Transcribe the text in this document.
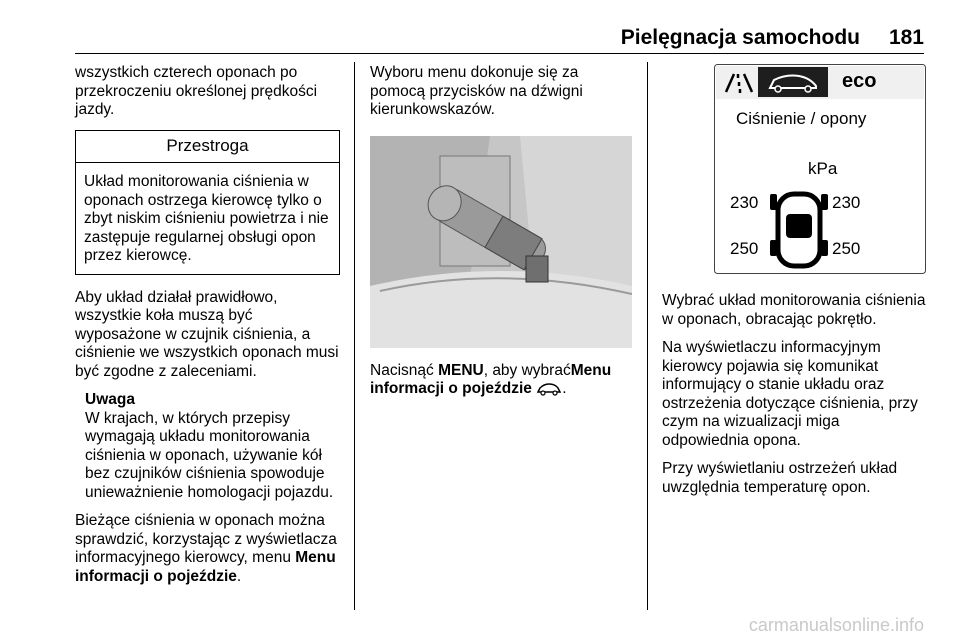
Pielęgnacja samochodu 181

wszystkich czterech oponach po przekroczeniu określonej prędkości jazdy.

Przestroga
Układ monitorowania ciśnienia w oponach ostrzega kierowcę tylko o zbyt niskim ciśnieniu powietrza i nie zastępuje regularnej obsługi opon przez kierowcę.

Aby układ działał prawidłowo, wszystkie koła muszą być wyposażone w czujnik ciśnienia, a ciśnienie we wszystkich oponach musi być zgodne z zaleceniami.

Uwaga
W krajach, w których przepisy wymagają układu monitorowania ciśnienia w oponach, używanie kół bez czujników ciśnienia spowoduje unieważnienie homologacji pojazdu.

Bieżące ciśnienia w oponach można sprawdzić, korzystając z wyświetlacza informacyjnego kierowcy, menu Menu informacji o pojeździe.

Wyboru menu dokonuje się za pomocą przycisków na dźwigni kierunkowskazów.

Nacisnąć MENU, aby wybraćMenu informacji o pojeździe .

eco
Ciśnienie / opony
kPa
230	230
250	250

Wybrać układ monitorowania ciśnienia w oponach, obracając pokrętło.

Na wyświetlaczu informacyjnym kierowcy pojawia się komunikat informujący o stanie układu oraz ostrzeżenia dotyczące ciśnienia, przy czym na wizualizacji miga odpowiednia opona.

Przy wyświetlaniu ostrzeżeń układ uwzględnia temperaturę opon.

carmanualsonline.info
